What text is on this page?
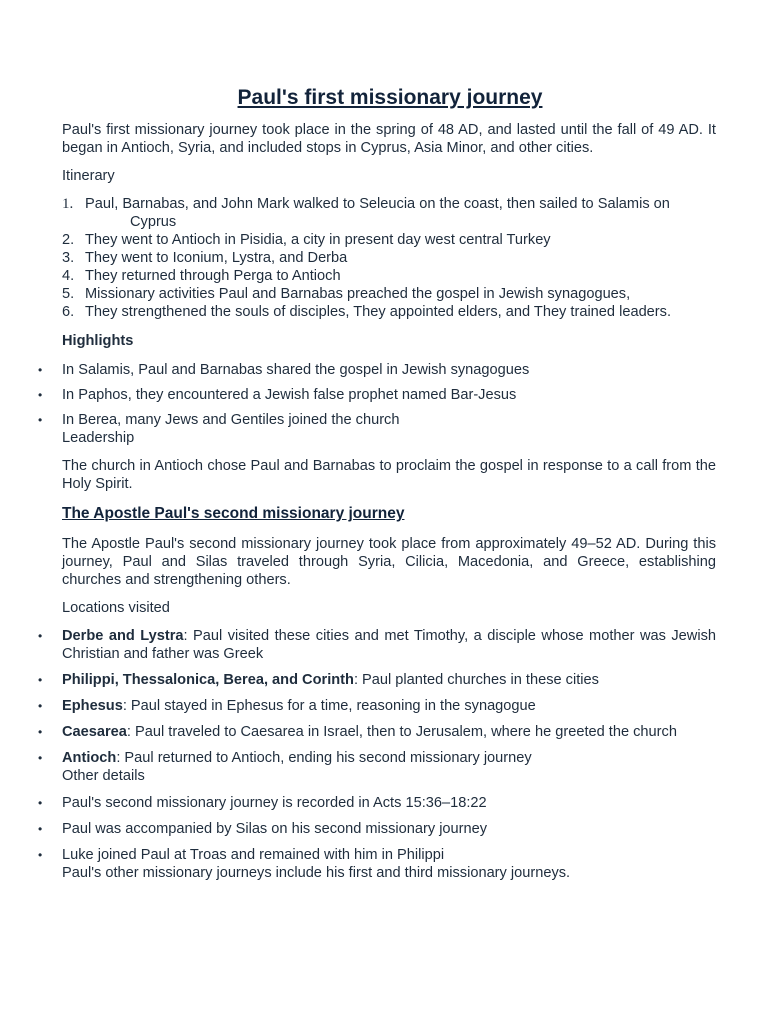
Paul's first missionary journey

Paul's first missionary journey took place in the spring of 48 AD, and lasted until the fall of 49 AD. It began in Antioch, Syria, and included stops in Cyprus, Asia Minor, and other cities.

Itinerary

1. Paul, Barnabas, and John Mark walked to Seleucia on the coast, then sailed to Salamis on
Cyprus
2. They went to Antioch in Pisidia, a city in present day west central Turkey
3. They went to Iconium, Lystra, and Derba
4. They returned through Perga to Antioch
5. Missionary activities Paul and Barnabas preached the gospel in Jewish synagogues,
6. They strengthened the souls of disciples, They appointed elders, and They trained leaders.

Highlights

• In Salamis, Paul and Barnabas shared the gospel in Jewish synagogues
• In Paphos, they encountered a Jewish false prophet named Bar-Jesus
• In Berea, many Jews and Gentiles joined the church

Leadership

The church in Antioch chose Paul and Barnabas to proclaim the gospel in response to a call from the Holy Spirit.

The Apostle Paul's second missionary journey

The Apostle Paul's second missionary journey took place from approximately 49–52 AD. During this journey, Paul and Silas traveled through Syria, Cilicia, Macedonia, and Greece, establishing churches and strengthening others.

Locations visited

• Derbe and Lystra: Paul visited these cities and met Timothy, a disciple whose mother was Jewish Christian and father was Greek
• Philippi, Thessalonica, Berea, and Corinth: Paul planted churches in these cities
• Ephesus: Paul stayed in Ephesus for a time, reasoning in the synagogue
• Caesarea: Paul traveled to Caesarea in Israel, then to Jerusalem, where he greeted the church
• Antioch: Paul returned to Antioch, ending his second missionary journey

Other details

• Paul's second missionary journey is recorded in Acts 15:36–18:22
• Paul was accompanied by Silas on his second missionary journey
• Luke joined Paul at Troas and remained with him in Philippi

Paul's other missionary journeys include his first and third missionary journeys.
